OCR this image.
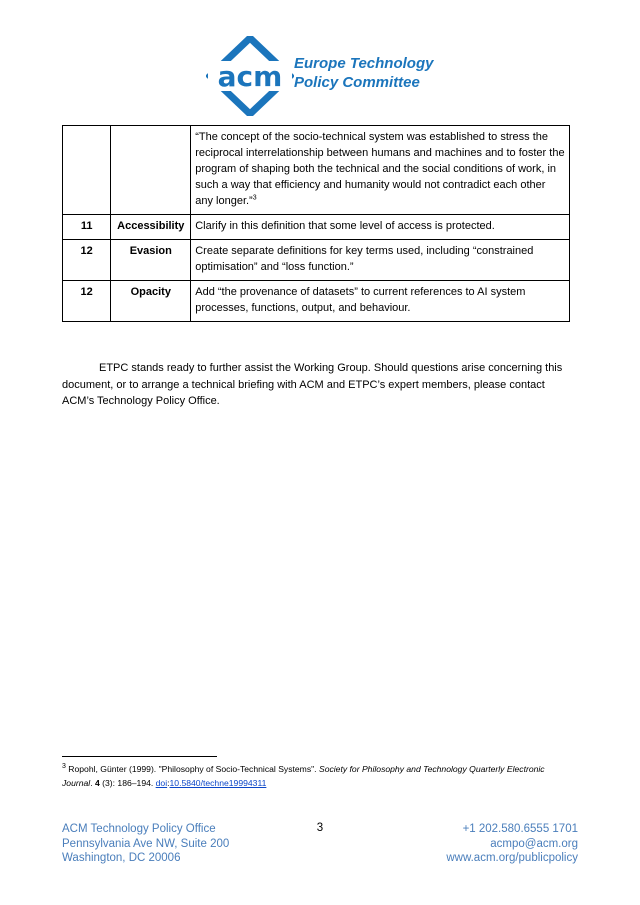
acm Europe Technology
Policy Committee
		“The concept of the socio-technical system was established to stress the reciprocal interrelationship between humans and machines and to foster the program of shaping both the technical and the social conditions of work, in such a way that efficiency and humanity would not contradict each other any longer.”$^3$
11	Accessibility	Clarify in this definition that some level of access is protected.
12	Evasion	Create separate definitions for key terms used, including “constrained optimisation” and “loss function.”
12	Opacity	Add “the provenance of datasets” to current references to AI system processes, functions, output, and behaviour.

ETPC stands ready to further assist the Working Group. Should questions arise concerning this document, or to arrange a technical briefing with ACM and ETPC’s expert members, please contact ACM’s Technology Policy Office.

$^3$ Ropohl, Günter (1999). "Philosophy of Socio-Technical Systems". Society for Philosophy and Technology Quarterly Electronic Journal. 4 (3): 186–194. doi:10.5840/techne19994311

ACM Technology Policy Office
Pennsylvania Ave NW, Suite 200
Washington, DC 20006
3	+1 202.580.6555 1701
acmpo@acm.org
www.acm.org/publicpolicy
